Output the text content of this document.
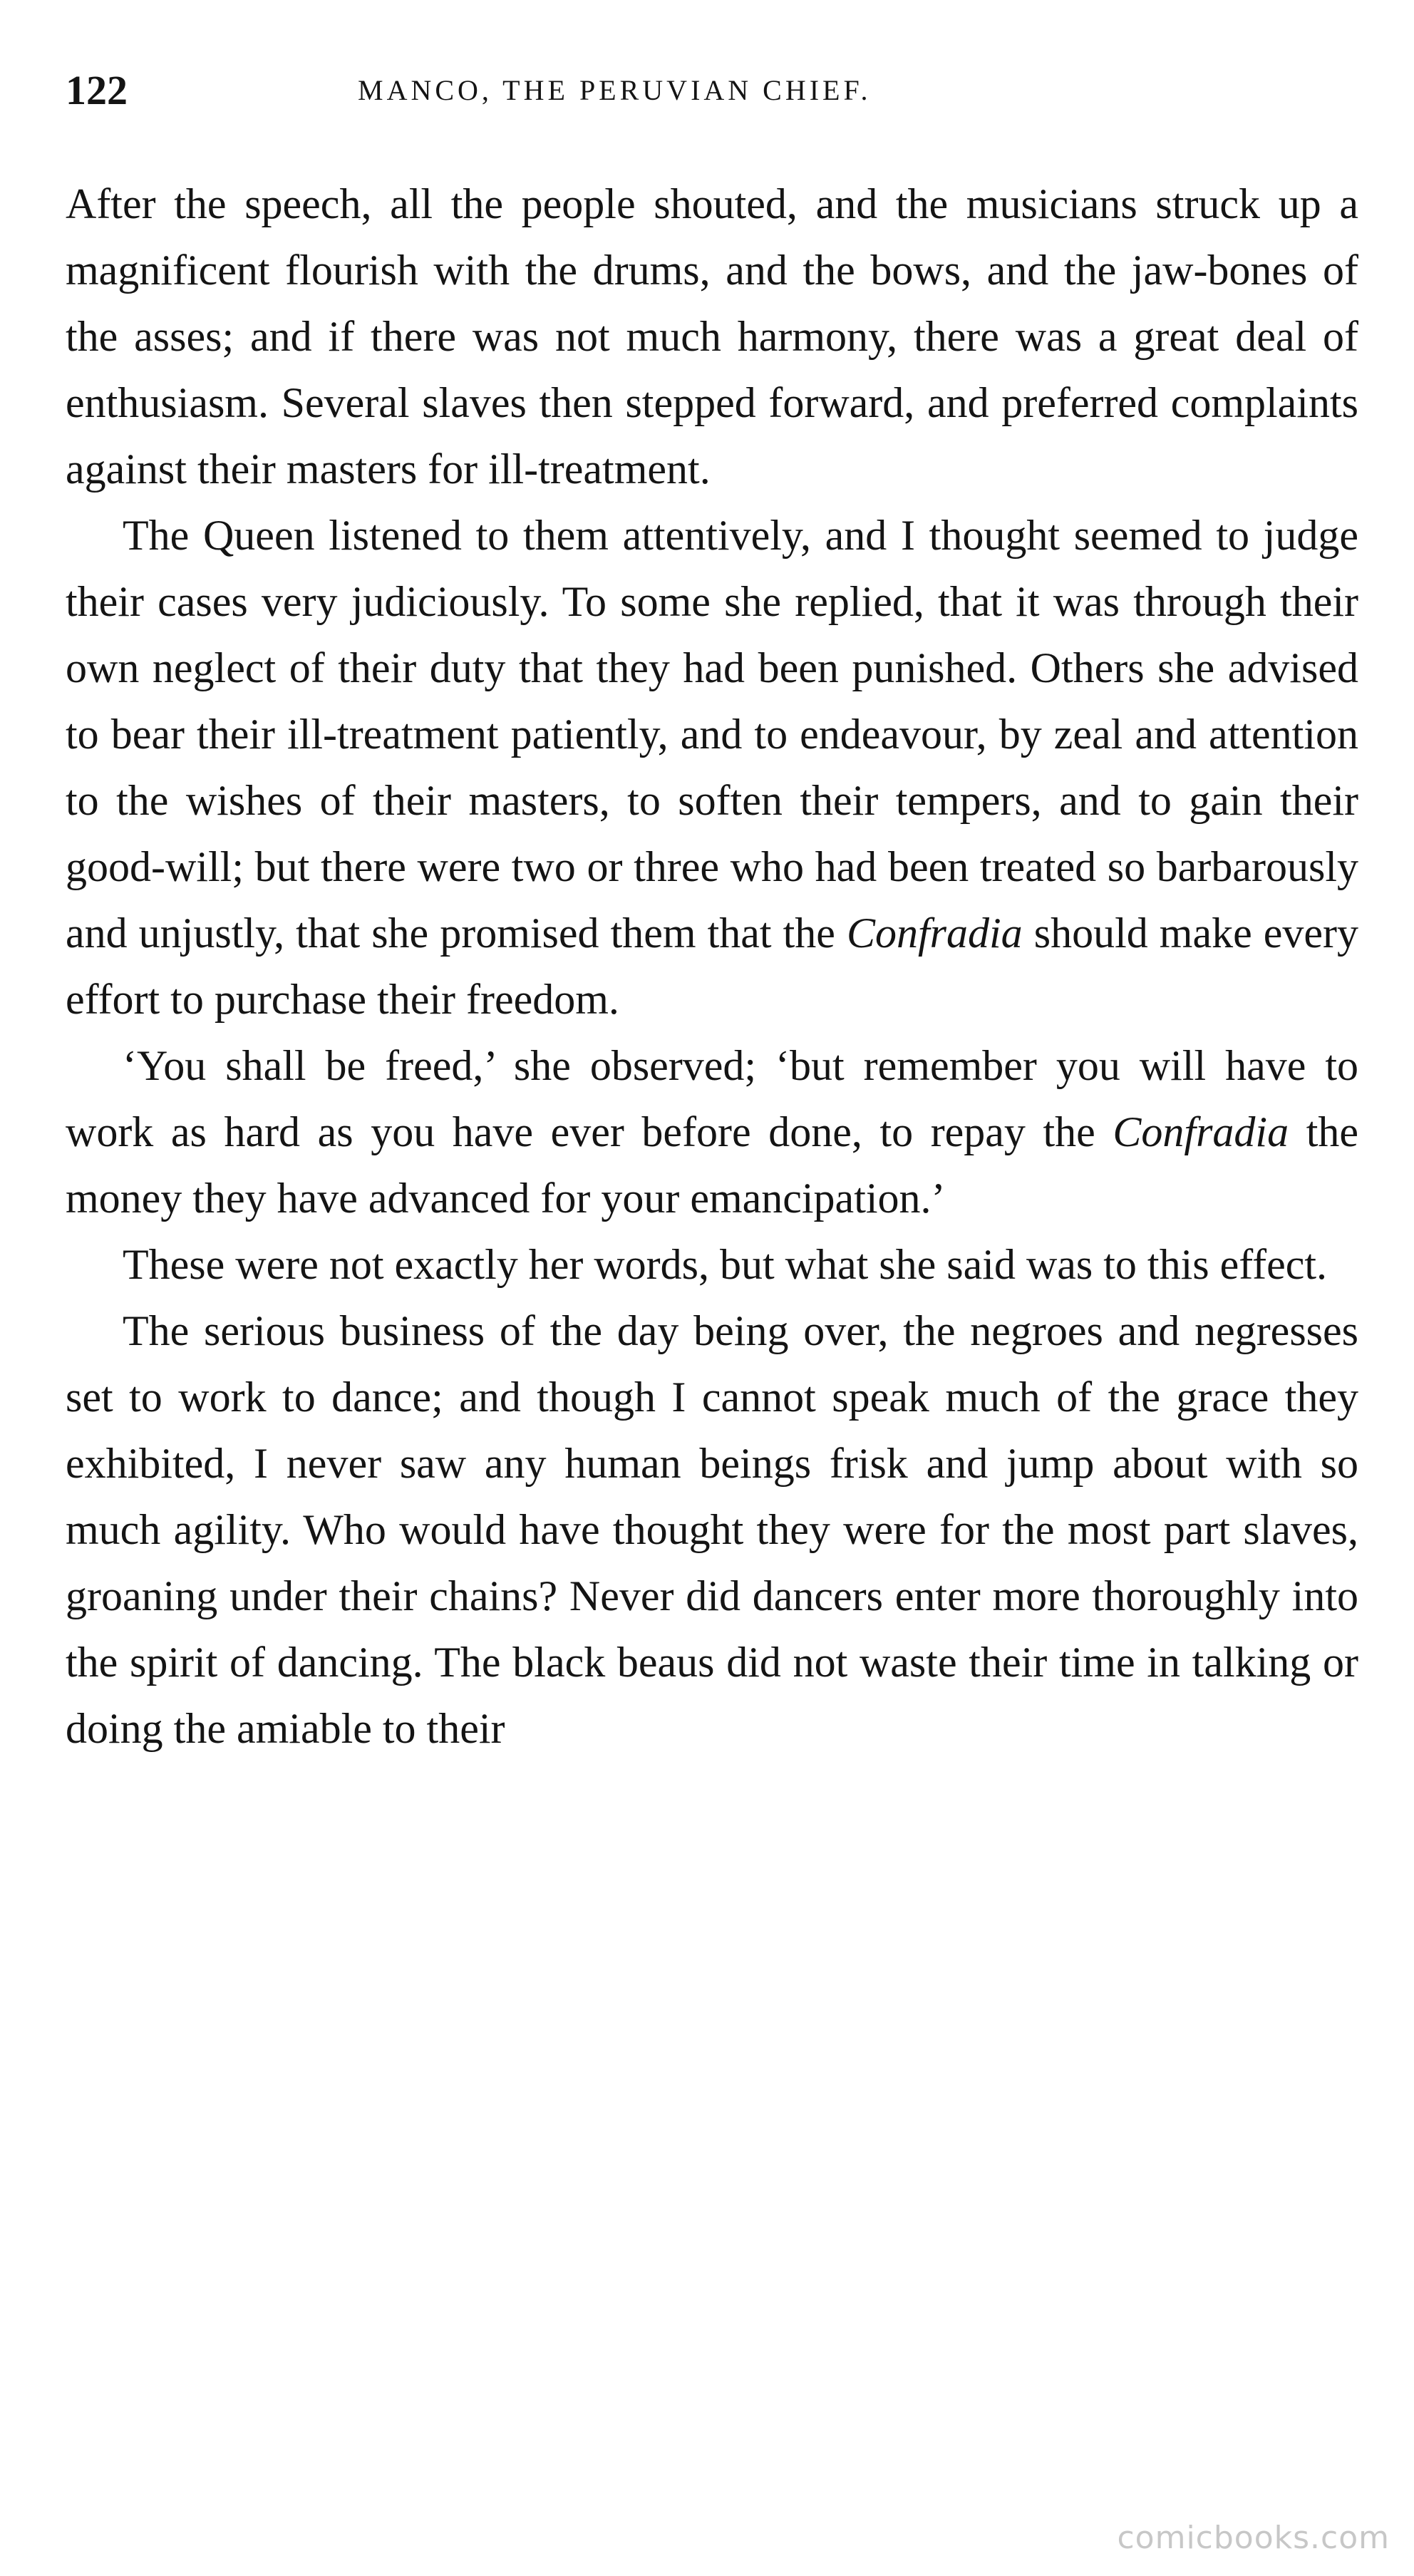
122	MANCO, THE PERUVIAN CHIEF.

After the speech, all the people shouted, and the musicians struck up a magnificent flourish with the drums, and the bows, and the jaw-bones of the asses; and if there was not much harmony, there was a great deal of enthusiasm. Several slaves then stepped forward, and preferred complaints against their masters for ill-treatment.

The Queen listened to them attentively, and I thought seemed to judge their cases very judiciously. To some she replied, that it was through their own neglect of their duty that they had been punished. Others she advised to bear their ill-treatment patiently, and to endeavour, by zeal and attention to the wishes of their masters, to soften their tempers, and to gain their good-will; but there were two or three who had been treated so barbarously and unjustly, that she promised them that the Confradia should make every effort to purchase their freedom.

‘You shall be freed,’ she observed; ‘but remember you will have to work as hard as you have ever before done, to repay the Confradia the money they have advanced for your emancipation.’

These were not exactly her words, but what she said was to this effect.

The serious business of the day being over, the negroes and negresses set to work to dance; and though I cannot speak much of the grace they exhibited, I never saw any human beings frisk and jump about with so much agility. Who would have thought they were for the most part slaves, groaning under their chains? Never did dancers enter more thoroughly into the spirit of dancing. The black beaus did not waste their time in talking or doing the amiable to their

comicbooks.com
